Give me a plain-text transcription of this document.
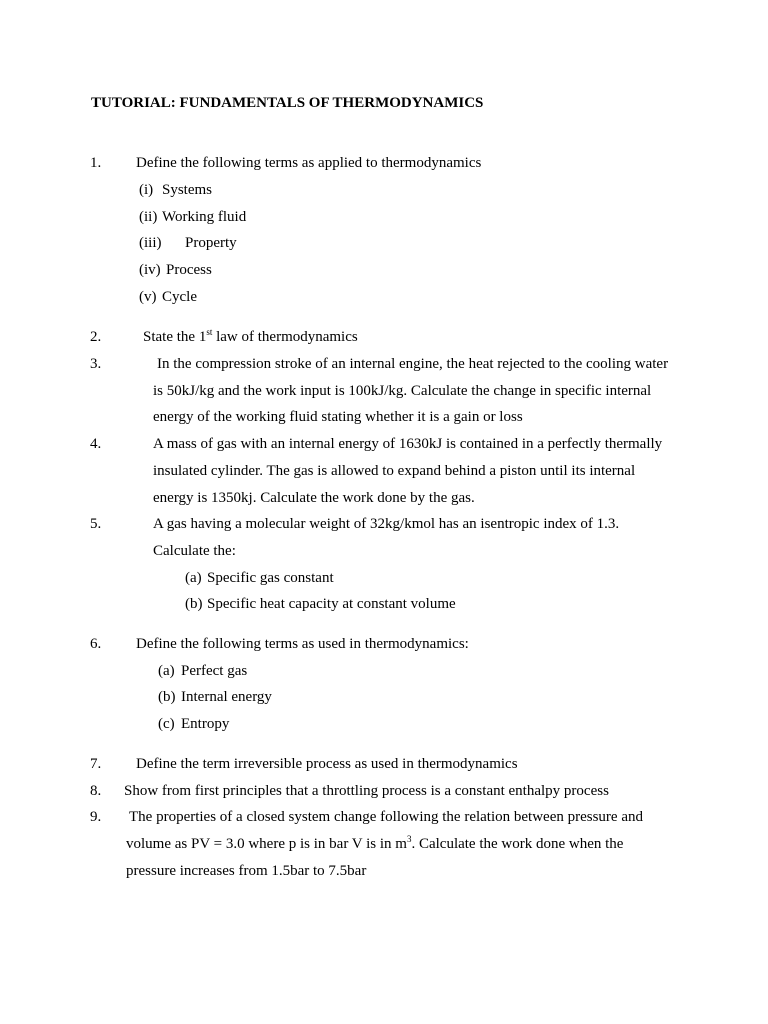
TUTORIAL: FUNDAMENTALS OF THERMODYNAMICS
1. Define the following terms as applied to thermodynamics
(i) Systems
(ii) Working fluid
(iii) Property
(iv) Process
(v) Cycle
2.	State the 1st law of thermodynamics
3.	In the compression stroke of an internal engine, the heat rejected to the cooling water
is 50kJ/kg and the work input is 100kJ/kg. Calculate the change in specific internal
energy of the working fluid stating whether it is a gain or loss
4.	A mass of gas with an internal energy of 1630kJ is contained in a perfectly thermally
insulated cylinder. The gas is allowed to expand behind a piston until its internal
energy is 1350kj. Calculate the work done by the gas.
5.	A gas having a molecular weight of 32kg/kmol has an isentropic index of 1.3.
Calculate the:
(a) Specific gas constant
(b) Specific heat capacity at constant volume
6. Define the following terms as used in thermodynamics:
(a) Perfect gas
(b) Internal energy
(c) Entropy
7. Define the term irreversible process as used in thermodynamics
8. Show from first principles that a throttling process is a constant enthalpy process
9. The properties of a closed system change following the relation between pressure and
volume as PV = 3.0 where p is in bar V is in $m^3$. Calculate the work done when the
pressure increases from 1.5bar to 7.5bar
